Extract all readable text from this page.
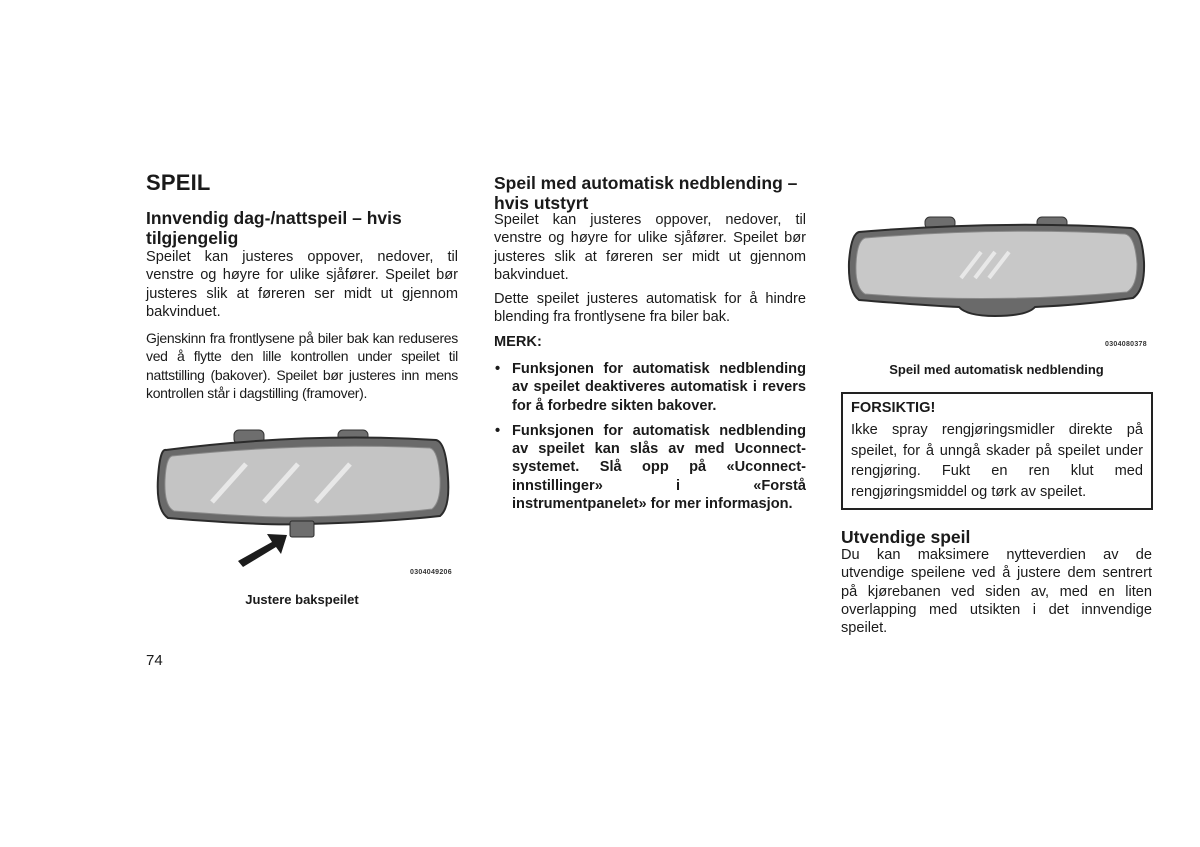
SPEIL
Innvendig dag-/nattspeil – hvis tilgjengelig

Speilet kan justeres oppover, nedover, til venstre og høyre for ulike sjåfører. Speilet bør justeres slik at føreren ser midt ut gjennom bakvinduet.

Gjenskinn fra frontlysene på biler bak kan reduseres ved å flytte den lille kontrollen under speilet til nattstilling (bakover). Speilet bør justeres inn mens kontrollen står i dagstilling (framover).

0304049206

Justere bakspeilet

Speil med automatisk nedblending – hvis utstyrt

Speilet kan justeres oppover, nedover, til venstre og høyre for ulike sjåfører. Speilet bør justeres slik at føreren ser midt ut gjennom bakvinduet.

Dette speilet justeres automatisk for å hindre blending fra frontlysene fra biler bak.

MERK:

• Funksjonen for automatisk nedblending av speilet deaktiveres automatisk i revers for å forbedre sikten bakover.
• Funksjonen for automatisk nedblending av speilet kan slås av med Uconnect-systemet. Slå opp på «Uconnect-innstillinger» i «Forstå instrumentpanelet» for mer informasjon.
0304080378

Speil med automatisk nedblending

FORSIKTIG!

Ikke spray rengjøringsmidler direkte på speilet, for å unngå skader på speilet under rengjøring. Fukt en ren klut med rengjøringsmiddel og tørk av speilet.

Utvendige speil

Du kan maksimere nytteverdien av de utvendige speilene ved å justere dem sentrert på kjørebanen ved siden av, med en liten overlapping med utsikten i det innvendige speilet.

74
